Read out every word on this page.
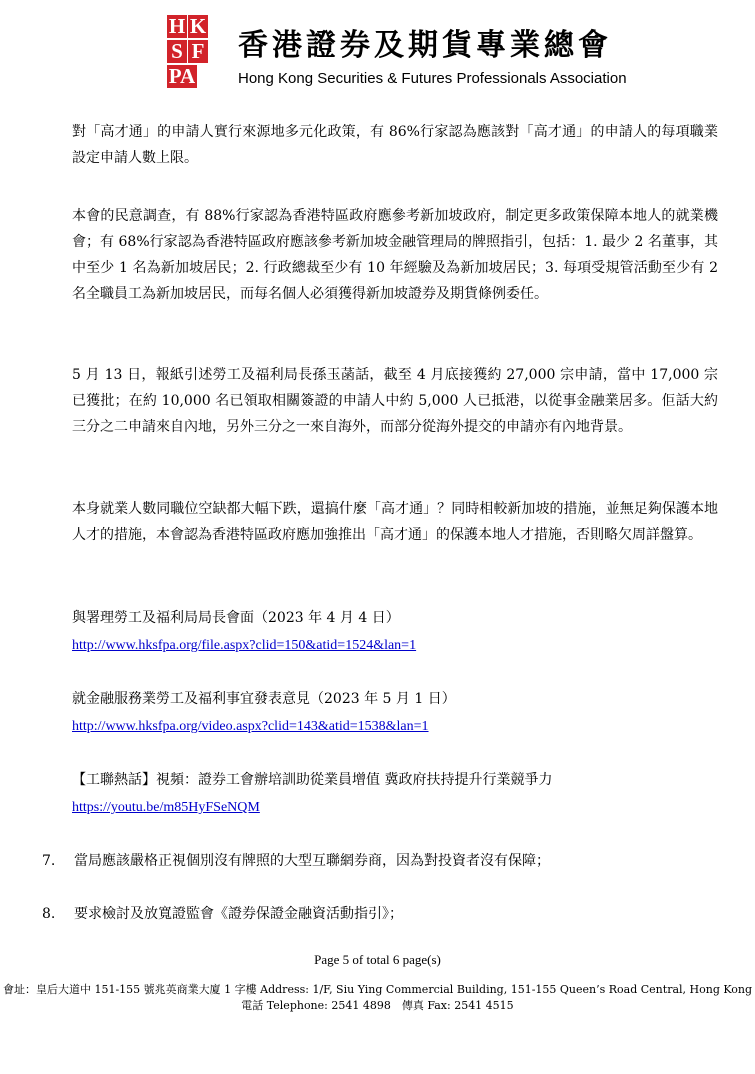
H K
S F
PA
香港證券及期貨專業總會
Hong Kong Securities & Futures Professionals Association

對「高才通」的申請人實行來源地多元化政策，有 86%行家認為應該對「高才通」的申請人的每項職業設定申請人數上限。

本會的民意調查，有 88%行家認為香港特區政府應參考新加坡政府，制定更多政策保障本地人的就業機會；有 68%行家認為香港特區政府應該參考新加坡金融管理局的牌照指引，包括：1. 最少 2 名董事，其中至少 1 名為新加坡居民；2. 行政總裁至少有 10 年經驗及為新加坡居民；3. 每項受規管活動至少有 2 名全職員工為新加坡居民，而每名個人必須獲得新加坡證券及期貨條例委任。

5 月 13 日，報紙引述勞工及福利局長孫玉菡話，截至 4 月底接獲約 27,000 宗申請，當中 17,000 宗已獲批；在約 10,000 名已領取相關簽證的申請人中約 5,000 人已抵港，以從事金融業居多。佢話大約三分之二申請來自內地，另外三分之一來自海外，而部分從海外提交的申請亦有內地背景。

本身就業人數同職位空缺都大幅下跌，還搞什麼「高才通」？同時相較新加坡的措施，並無足夠保護本地人才的措施，本會認為香港特區政府應加強推出「高才通」的保護本地人才措施，否則略欠周詳盤算。

與署理勞工及福利局局長會面（2023 年 4 月 4 日）
http://www.hksfpa.org/file.aspx?clid=150&atid=1524&lan=1
就金融服務業勞工及福利事宜發表意見（2023 年 5 月 1 日）
http://www.hksfpa.org/video.aspx?clid=143&atid=1538&lan=1
【工聯熱話】視頻：證券工會辦培訓助從業員增值 冀政府扶持提升行業競爭力
https://youtu.be/m85HyFSeNQM
7. 當局應該嚴格正視個別沒有牌照的大型互聯網券商，因為對投資者沒有保障；
8. 要求檢討及放寬證監會《證券保證金融資活動指引》；
Page 5 of total 6 page(s)
會址：皇后大道中 151-155 號兆英商業大廈 1 字樓 Address: 1/F, Siu Ying Commercial Building, 151-155 Queen’s Road Central, Hong Kong
電話 Telephone: 2541 4898　傳真 Fax: 2541 4515
